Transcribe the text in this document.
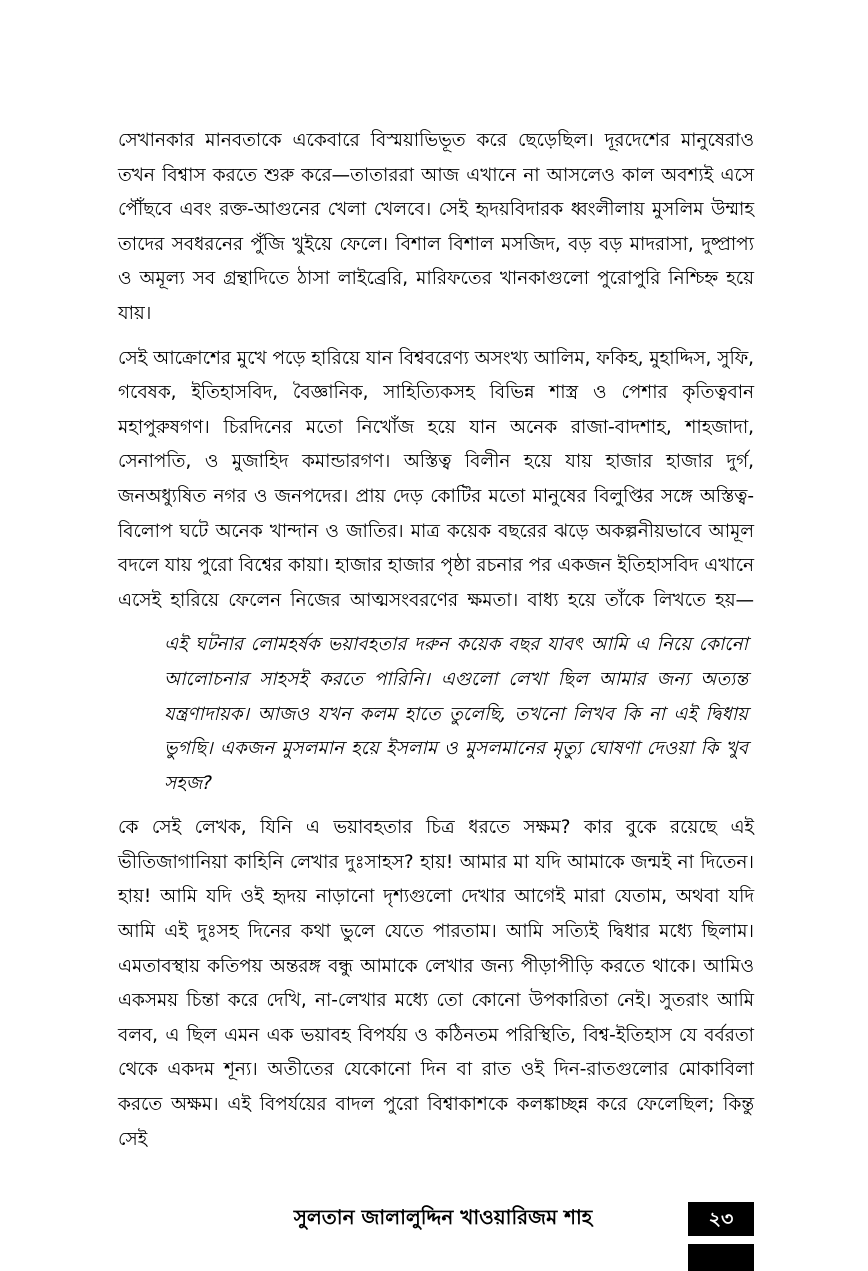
সেখানকার মানবতাকে একেবারে বিস্ময়াভিভূত করে ছেড়েছিল। দূরদেশের মানুষেরাও তখন বিশ্বাস করতে শুরু করে—তাতাররা আজ এখানে না আসলেও কাল অবশ্যই এসে পৌঁছবে এবং রক্ত-আগুনের খেলা খেলবে। সেই হৃদয়বিদারক ধ্বংলীলায় মুসলিম উম্মাহ তাদের সবধরনের পুঁজি খুইয়ে ফেলে। বিশাল বিশাল মসজিদ, বড় বড় মাদরাসা, দুষ্প্রাপ্য ও অমূল্য সব গ্রন্থাদিতে ঠাসা লাইব্রেরি, মারিফতের খানকাগুলো পুরোপুরি নিশ্চিহ্ন হয়ে যায়।

সেই আক্রোশের মুখে পড়ে হারিয়ে যান বিশ্ববরেণ্য অসংখ্য আলিম, ফকিহ, মুহাদ্দিস, সুফি, গবেষক, ইতিহাসবিদ, বৈজ্ঞানিক, সাহিত্যিকসহ বিভিন্ন শাস্ত্র ও পেশার কৃতিত্ববান মহাপুরুষগণ। চিরদিনের মতো নিখোঁজ হয়ে যান অনেক রাজা-বাদশাহ, শাহজাদা, সেনাপতি, ও মুজাহিদ কমান্ডারগণ। অস্তিত্ব বিলীন হয়ে যায় হাজার হাজার দুর্গ, জনঅধ্যুষিত নগর ও জনপদের। প্রায় দেড় কোটির মতো মানুষের বিলুপ্তির সঙ্গে অস্তিত্ব-বিলোপ ঘটে অনেক খান্দান ও জাতির। মাত্র কয়েক বছরের ঝড়ে অকল্পনীয়ভাবে আমূল বদলে যায় পুরো বিশ্বের কায়া। হাজার হাজার পৃষ্ঠা রচনার পর একজন ইতিহাসবিদ এখানে এসেই হারিয়ে ফেলেন নিজের আত্মসংবরণের ক্ষমতা। বাধ্য হয়ে তাঁকে লিখতে হয়—

এই ঘটনার লোমহর্ষক ভয়াবহতার দরুন কয়েক বছর যাবৎ আমি এ নিয়ে কোনো আলোচনার সাহসই করতে পারিনি। এগুলো লেখা ছিল আমার জন্য অত্যন্ত যন্ত্রণাদায়ক। আজও যখন কলম হাতে তুলেছি, তখনো লিখব কি না এই দ্বিধায় ভুগছি। একজন মুসলমান হয়ে ইসলাম ও মুসলমানের মৃত্যু ঘোষণা দেওয়া কি খুব সহজ?

কে সেই লেখক, যিনি এ ভয়াবহতার চিত্র ধরতে সক্ষম? কার বুকে রয়েছে এই ভীতিজাগানিয়া কাহিনি লেখার দুঃসাহস? হায়! আমার মা যদি আমাকে জন্মই না দিতেন। হায়! আমি যদি ওই হৃদয় নাড়ানো দৃশ্যগুলো দেখার আগেই মারা যেতাম, অথবা যদি আমি এই দুঃসহ দিনের কথা ভুলে যেতে পারতাম। আমি সত্যিই দ্বিধার মধ্যে ছিলাম। এমতাবস্থায় কতিপয় অন্তরঙ্গ বন্ধু আমাকে লেখার জন্য পীড়াপীড়ি করতে থাকে। আমিও একসময় চিন্তা করে দেখি, না-লেখার মধ্যে তো কোনো উপকারিতা নেই। সুতরাং আমি বলব, এ ছিল এমন এক ভয়াবহ বিপর্যয় ও কঠিনতম পরিস্থিতি, বিশ্ব-ইতিহাস যে বর্বরতা থেকে একদম শূন্য। অতীতের যেকোনো দিন বা রাত ওই দিন-রাতগুলোর মোকাবিলা করতে অক্ষম। এই বিপর্যয়ের বাদল পুরো বিশ্বাকাশকে কলঙ্কাচ্ছন্ন করে ফেলেছিল; কিন্তু সেই

সুলতান জালালুদ্দিন খাওয়ারিজম শাহ	২৩
